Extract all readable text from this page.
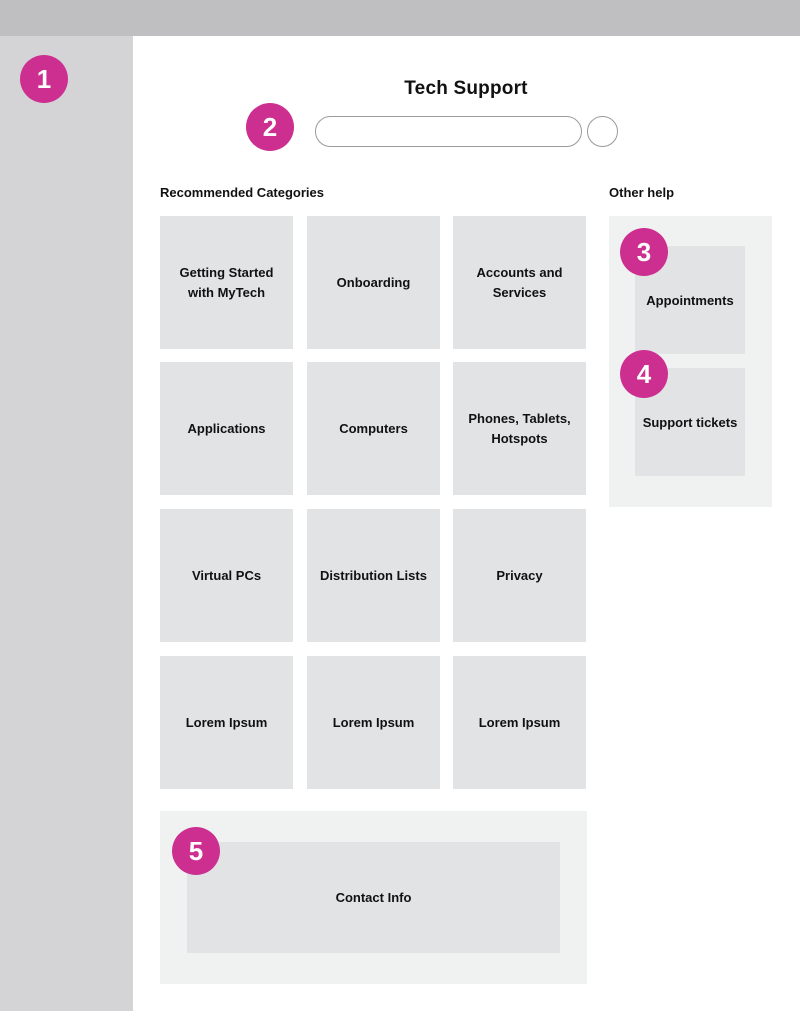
1	Tech Support
2
Recommended Categories	Other help
Getting Started with MyTech
Onboarding
Accounts and Services
Applications	Computers
Phones, Tablets, Hotspots
Virtual PCs	Distribution Lists	Privacy
Lorem Ipsum	Lorem Ipsum	Lorem Ipsum
Appointments
Support tickets
3
4
Contact Info
5
